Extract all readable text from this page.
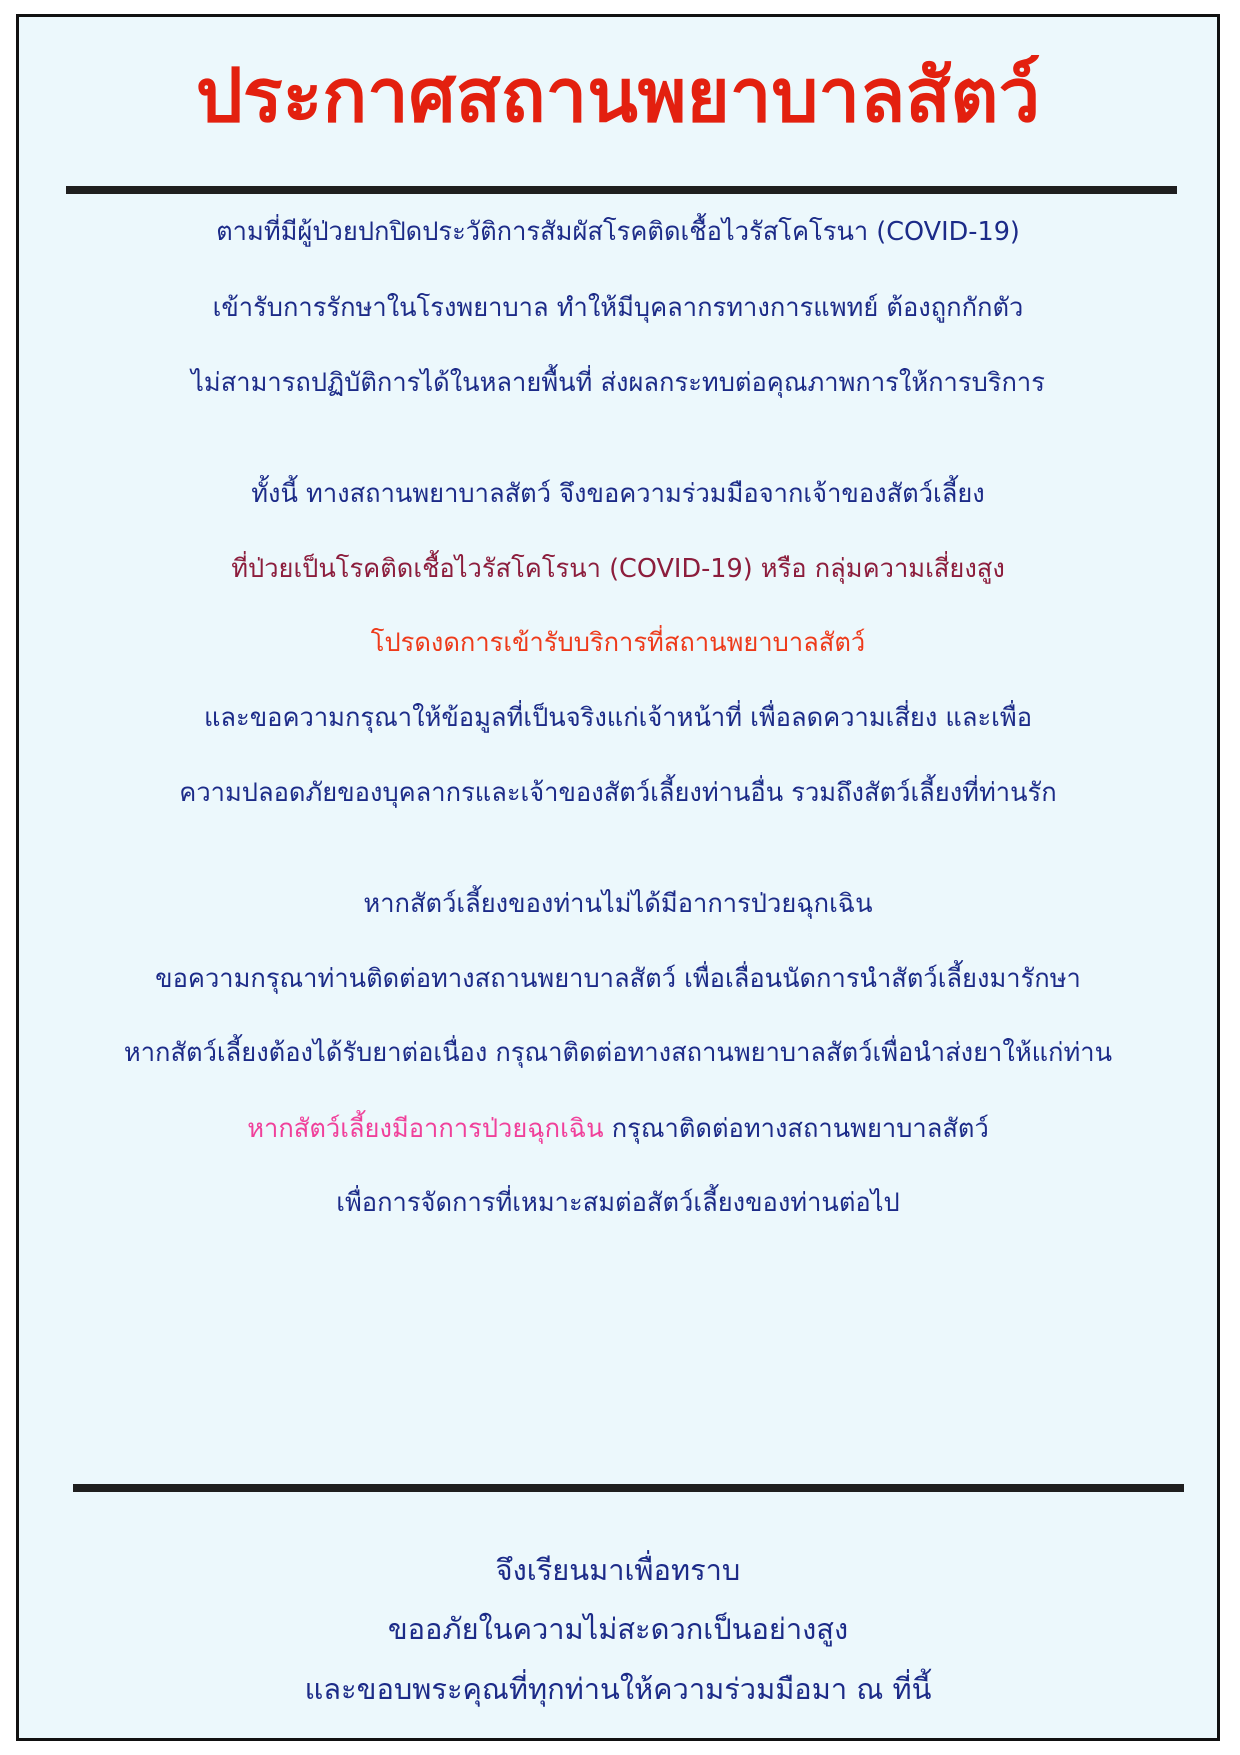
ประกาศสถานพยาบาลสัตว์
ตามที่มีผู้ป่วยปกปิดประวัติการสัมผัสโรคติดเชื้อไวรัสโคโรนา (COVID-19)
เข้ารับการรักษาในโรงพยาบาล ทำให้มีบุคลากรทางการแพทย์ ต้องถูกกักตัว
ไม่สามารถปฏิบัติการได้ในหลายพื้นที่ ส่งผลกระทบต่อคุณภาพการให้การบริการ
ทั้งนี้ ทางสถานพยาบาลสัตว์ จึงขอความร่วมมือจากเจ้าของสัตว์เลี้ยง
ที่ป่วยเป็นโรคติดเชื้อไวรัสโคโรนา (COVID-19) หรือ กลุ่มความเสี่ยงสูง
โปรดงดการเข้ารับบริการที่สถานพยาบาลสัตว์
และขอความกรุณาให้ข้อมูลที่เป็นจริงแก่เจ้าหน้าที่ เพื่อลดความเสี่ยง และเพื่อ
ความปลอดภัยของบุคลากรและเจ้าของสัตว์เลี้ยงท่านอื่น รวมถึงสัตว์เลี้ยงที่ท่านรัก
หากสัตว์เลี้ยงของท่านไม่ได้มีอาการป่วยฉุกเฉิน
ขอความกรุณาท่านติดต่อทางสถานพยาบาลสัตว์ เพื่อเลื่อนนัดการนำสัตว์เลี้ยงมารักษา
หากสัตว์เลี้ยงต้องได้รับยาต่อเนื่อง กรุณาติดต่อทางสถานพยาบาลสัตว์เพื่อนำส่งยาให้แก่ท่าน
หากสัตว์เลี้ยงมีอาการป่วยฉุกเฉิน กรุณาติดต่อทางสถานพยาบาลสัตว์
เพื่อการจัดการที่เหมาะสมต่อสัตว์เลี้ยงของท่านต่อไป
จึงเรียนมาเพื่อทราบ
ขออภัยในความไม่สะดวกเป็นอย่างสูง
และขอบพระคุณที่ทุกท่านให้ความร่วมมือมา ณ ที่นี้
